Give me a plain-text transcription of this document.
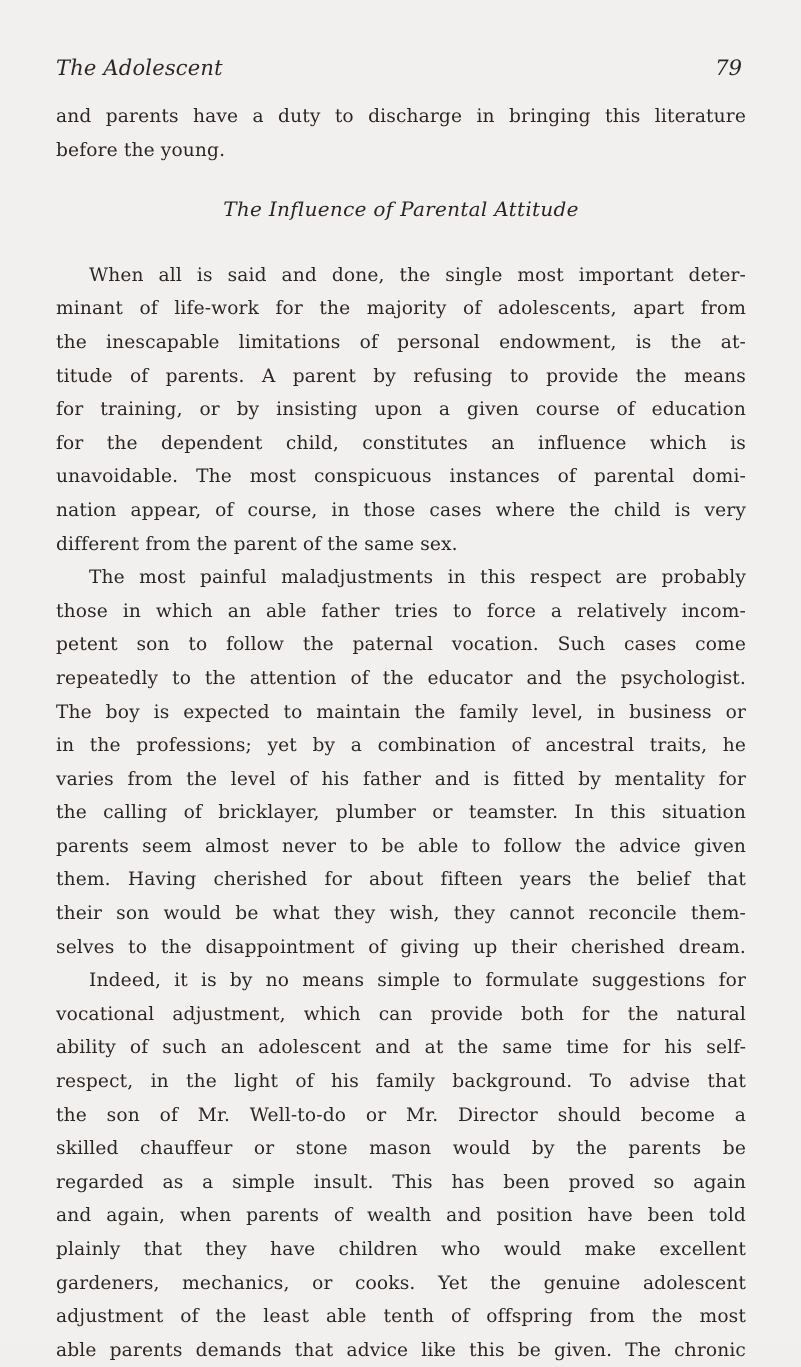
The Adolescent	79
and parents have a duty to discharge in bringing this literature
before the young.
The Influence of Parental Attitude
When all is said and done, the single most important deter-
minant of life-work for the majority of adolescents, apart from
the inescapable limitations of personal endowment, is the at-
titude of parents. A parent by refusing to provide the means
for training, or by insisting upon a given course of education
for the dependent child, constitutes an influence which is
unavoidable. The most conspicuous instances of parental domi-
nation appear, of course, in those cases where the child is very
different from the parent of the same sex.
The most painful maladjustments in this respect are probably
those in which an able father tries to force a relatively incom-
petent son to follow the paternal vocation. Such cases come
repeatedly to the attention of the educator and the psychologist.
The boy is expected to maintain the family level, in business or
in the professions; yet by a combination of ancestral traits, he
varies from the level of his father and is fitted by mentality for
the calling of bricklayer, plumber or teamster. In this situation
parents seem almost never to be able to follow the advice given
them. Having cherished for about fifteen years the belief that
their son would be what they wish, they cannot reconcile them-
selves to the disappointment of giving up their cherished dream.
Indeed, it is by no means simple to formulate suggestions for
vocational adjustment, which can provide both for the natural
ability of such an adolescent and at the same time for his self-
respect, in the light of his family background. To advise that
the son of Mr. Well-to-do or Mr. Director should become a
skilled chauffeur or stone mason would by the parents be
regarded as a simple insult. This has been proved so again
and again, when parents of wealth and position have been told
plainly that they have children who would make excellent
gardeners, mechanics, or cooks. Yet the genuine adolescent
adjustment of the least able tenth of offspring from the most
able parents demands that advice like this be given. The chronic
